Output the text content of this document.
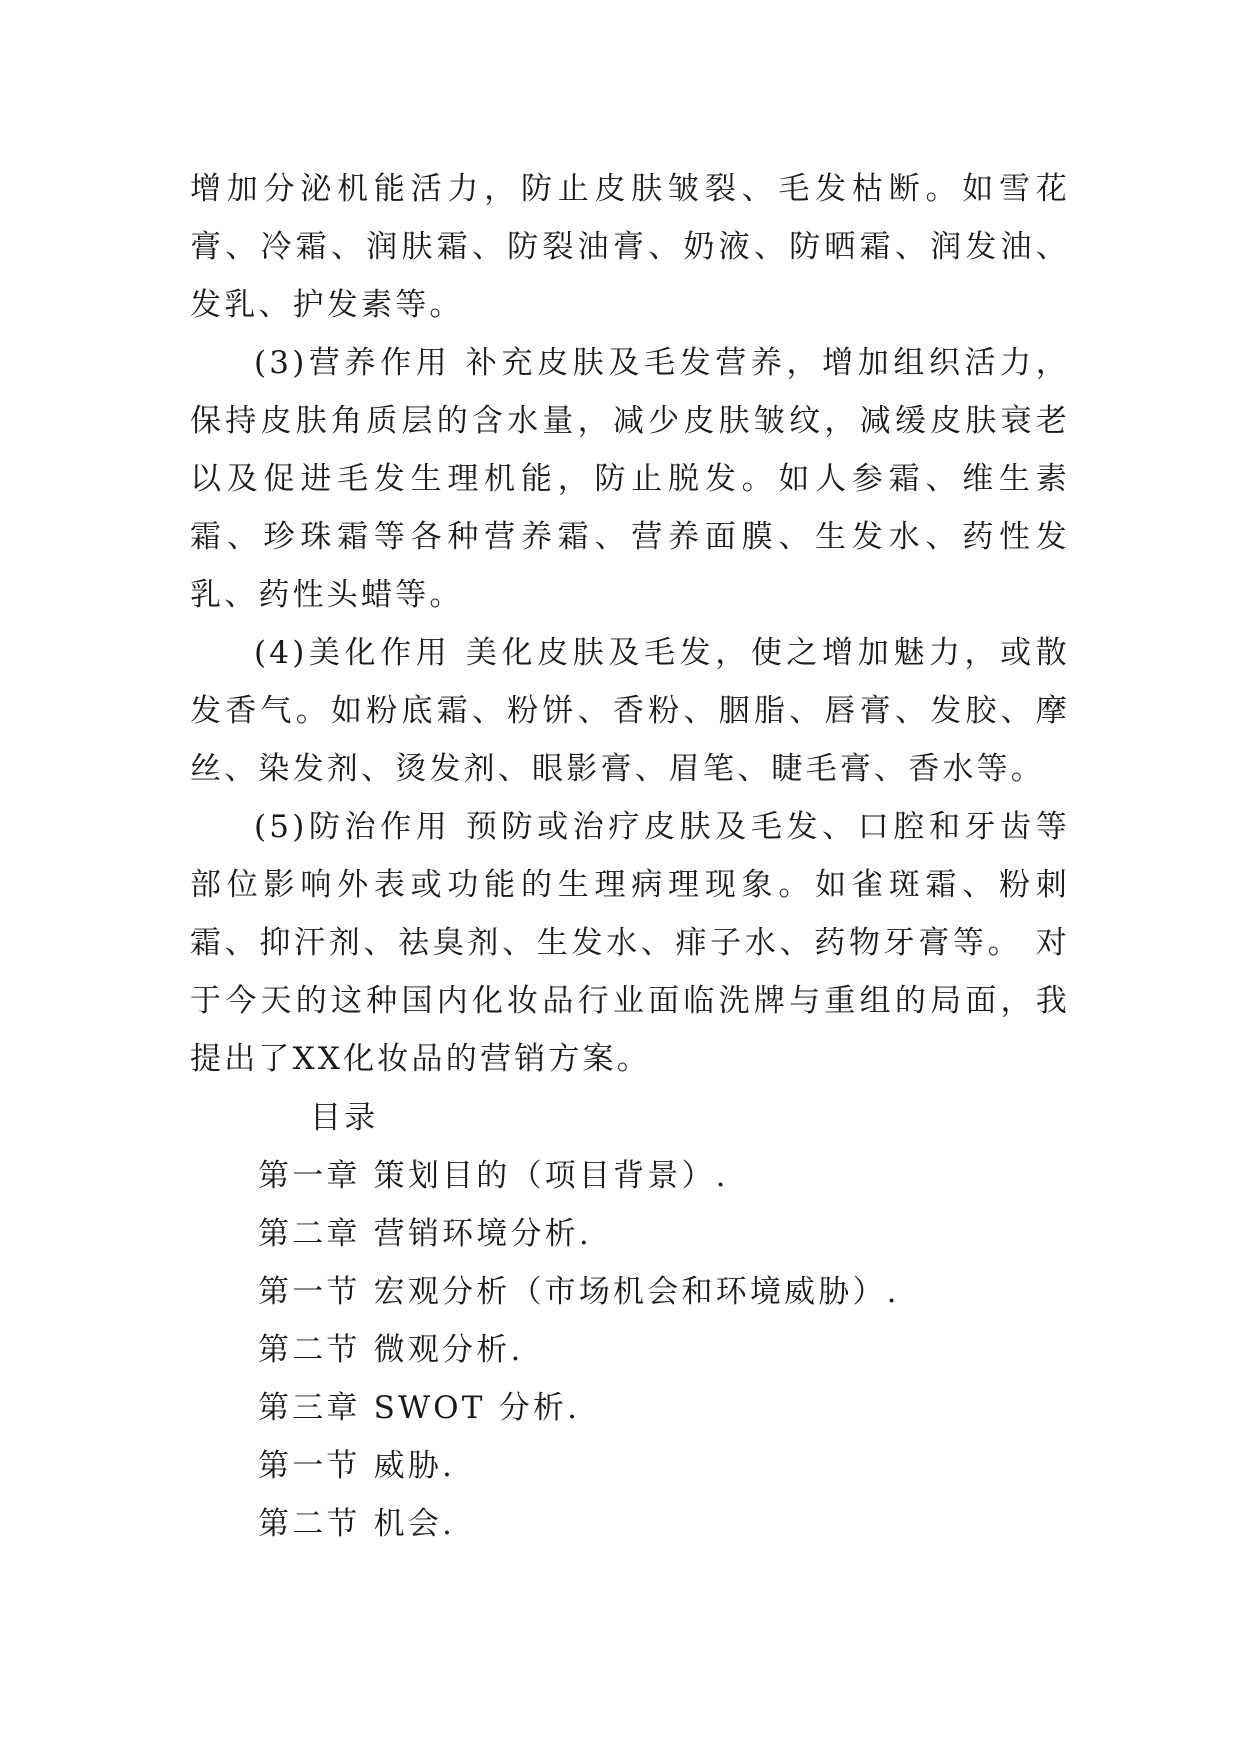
增加分泌机能活力，防止皮肤皱裂、毛发枯断。如雪花膏、冷霜、润肤霜、防裂油膏、奶液、防晒霜、润发油、发乳、护发素等。

(3)营养作用 补充皮肤及毛发营养，增加组织活力，保持皮肤角质层的含水量，减少皮肤皱纹，减缓皮肤衰老以及促进毛发生理机能，防止脱发。如人参霜、维生素霜、珍珠霜等各种营养霜、营养面膜、生发水、药性发乳、药性头蜡等。

(4)美化作用 美化皮肤及毛发，使之增加魅力，或散发香气。如粉底霜、粉饼、香粉、胭脂、唇膏、发胶、摩丝、染发剂、烫发剂、眼影膏、眉笔、睫毛膏、香水等。

(5)防治作用 预防或治疗皮肤及毛发、口腔和牙齿等部位影响外表或功能的生理病理现象。如雀斑霜、粉刺霜、抑汗剂、祛臭剂、生发水、痱子水、药物牙膏等。 对于今天的这种国内化妆品行业面临洗牌与重组的局面，我提出了XX化妆品的营销方案。

目录

第一章 策划目的（项目背景）.

第二章 营销环境分析.

第一节 宏观分析（市场机会和环境威胁）.

第二节 微观分析.

第三章 SWOT 分析.

第一节 威胁.

第二节 机会.
